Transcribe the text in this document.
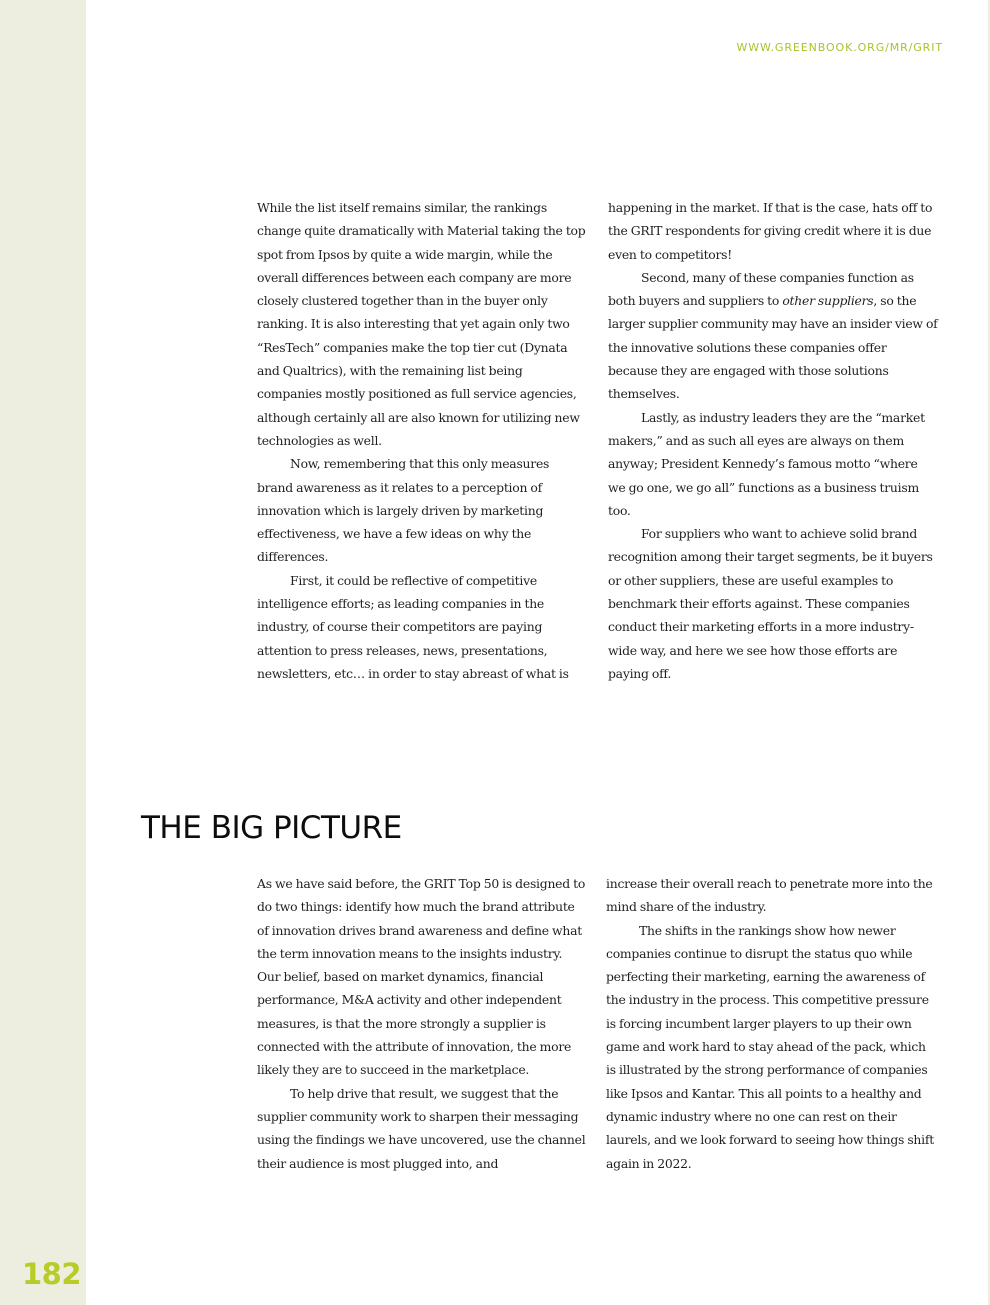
WWW.GREENBOOK.ORG/MR/GRIT

While the list itself remains similar, the rankings change quite dramatically with Material taking the top spot from Ipsos by quite a wide margin, while the overall differences between each company are more closely clustered together than in the buyer only ranking. It is also interesting that yet again only two “ResTech” companies make the top tier cut (Dynata and Qualtrics), with the remaining list being companies mostly positioned as full service agencies, although certainly all are also known for utilizing new technologies as well.

Now, remembering that this only measures brand awareness as it relates to a perception of innovation which is largely driven by marketing effectiveness, we have a few ideas on why the differences.

First, it could be reflective of competitive intelligence efforts; as leading companies in the industry, of course their competitors are paying attention to press releases, news, presentations, newsletters, etc… in order to stay abreast of what is

happening in the market. If that is the case, hats off to the GRIT respondents for giving credit where it is due even to competitors!

Second, many of these companies function as both buyers and suppliers to other suppliers, so the larger supplier community may have an insider view of the innovative solutions these companies offer because they are engaged with those solutions themselves.

Lastly, as industry leaders they are the “market makers,” and as such all eyes are always on them anyway; President Kennedy’s famous motto “where we go one, we go all” functions as a business truism too.

For suppliers who want to achieve solid brand recognition among their target segments, be it buyers or other suppliers, these are useful examples to benchmark their efforts against. These companies conduct their marketing efforts in a more industry-wide way, and here we see how those efforts are paying off.

THE BIG PICTURE

As we have said before, the GRIT Top 50 is designed to do two things: identify how much the brand attribute of innovation drives brand awareness and define what the term innovation means to the insights industry. Our belief, based on market dynamics, financial performance, M&A activity and other independent measures, is that the more strongly a supplier is connected with the attribute of innovation, the more likely they are to succeed in the marketplace.

To help drive that result, we suggest that the supplier community work to sharpen their messaging using the findings we have uncovered, use the channel their audience is most plugged into, and

increase their overall reach to penetrate more into the mind share of the industry.

The shifts in the rankings show how newer companies continue to disrupt the status quo while perfecting their marketing, earning the awareness of the industry in the process. This competitive pressure is forcing incumbent larger players to up their own game and work hard to stay ahead of the pack, which is illustrated by the strong performance of companies like Ipsos and Kantar. This all points to a healthy and dynamic industry where no one can rest on their laurels, and we look forward to seeing how things shift again in 2022.

182
